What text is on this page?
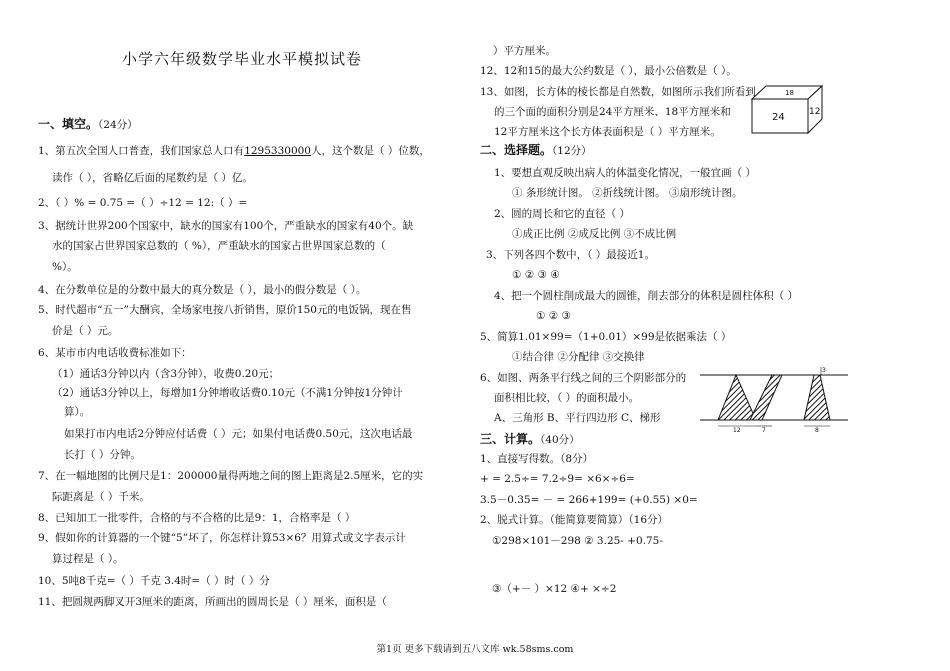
小学六年级数学毕业水平模拟试卷
一、填空。（24分）
1、第五次全国人口普查，我们国家总人口有1295330000人，这个数是（ ）位数，
读作（ ），省略亿后面的尾数约是（ ）亿。
2、（ ）% = 0.75 =（ ）÷12 = 12:（ ）=
3、据统计世界200个国家中，缺水的国家有100个，严重缺水的国家有40个。缺
水的国家占世界国家总数的（ %），严重缺水的国家占世界国家总数的（
%）。
4、在分数单位是的分数中最大的真分数是（ ），最小的假分数是（ ）。
5、时代超市“五一”大酬宾，全场家电按八折销售，原价150元的电饭锅，现在售
价是（ ）元。
6、某市市内电话收费标准如下：
（1）通话3分钟以内（含3分钟），收费0.20元；
（2）通话3分钟以上，每增加1分钟增收话费0.10元（不满1分钟按1分钟计
算）。
如果打市内电话2分钟应付话费（ ）元；如果付电话费0.50元，这次电话最
长打（ ）分钟。
7、在一幅地图的比例尺是1：200000量得两地之间的图上距离是2.5厘米，它的实
际距离是（ ）千米。
8、已知加工一批零件，合格的与不合格的比是9：1，合格率是（ ）
9、假如你的计算器的一个键“5”坏了，你怎样计算53×6？用算式或文字表示计
算过程是（ ）。
10、5吨8千克=（ ）千克 3.4时=（ ）时（ ）分
11、把圆规两脚叉开3厘米的距离，所画出的圆周长是（ ）厘米，面积是（
）平方厘米。
12、12和15的最大公约数是（ ），最小公倍数是（ ）。
13、如图，长方体的棱长都是自然数，如图所示我们所看到
的三个面的面积分别是24平方厘米、18平方厘米和
12平方厘米这个长方体表面积是（ ）平方厘米。
二、选择题。（12分）
1、要想直观反映出病人的体温变化情况，一般宜画（ ）
① 条形统计图。 ②折线统计图。 ③扇形统计图。
2、圆的周长和它的直径（ ）
①成正比例 ②成反比例 ③不成比例
3、下列各四个数中，（ ）最接近1。
① ② ③ ④
4、把一个圆柱削成最大的圆锥，削去部分的体积是圆柱体积（ ）
① ② ③
5、简算1.01×99=（1+0.01）×99是依据乘法（ ）
①结合律 ②分配律 ③交换律
6、如图、两条平行线之间的三个阴影部分的
面积相比较，（ ）的面积最小。
A、三角形 B、平行四边形 C、梯形
三、计算。（40分）
1、直接写得数。（8分）
+ = 2.5÷= 7.2÷9= ×6×÷6=
3.5－0.35= － = 266+199= (+0.55) ×0=
2、脱式计算。（能简算要简算）（16分）
①298×101－298 ② 3.25- +0.75-
③（+－ ）×12 ④+ ×÷2
24
18
12
3
12	7	8
第1页 更多下载请到五八文库 wk.58sms.com
